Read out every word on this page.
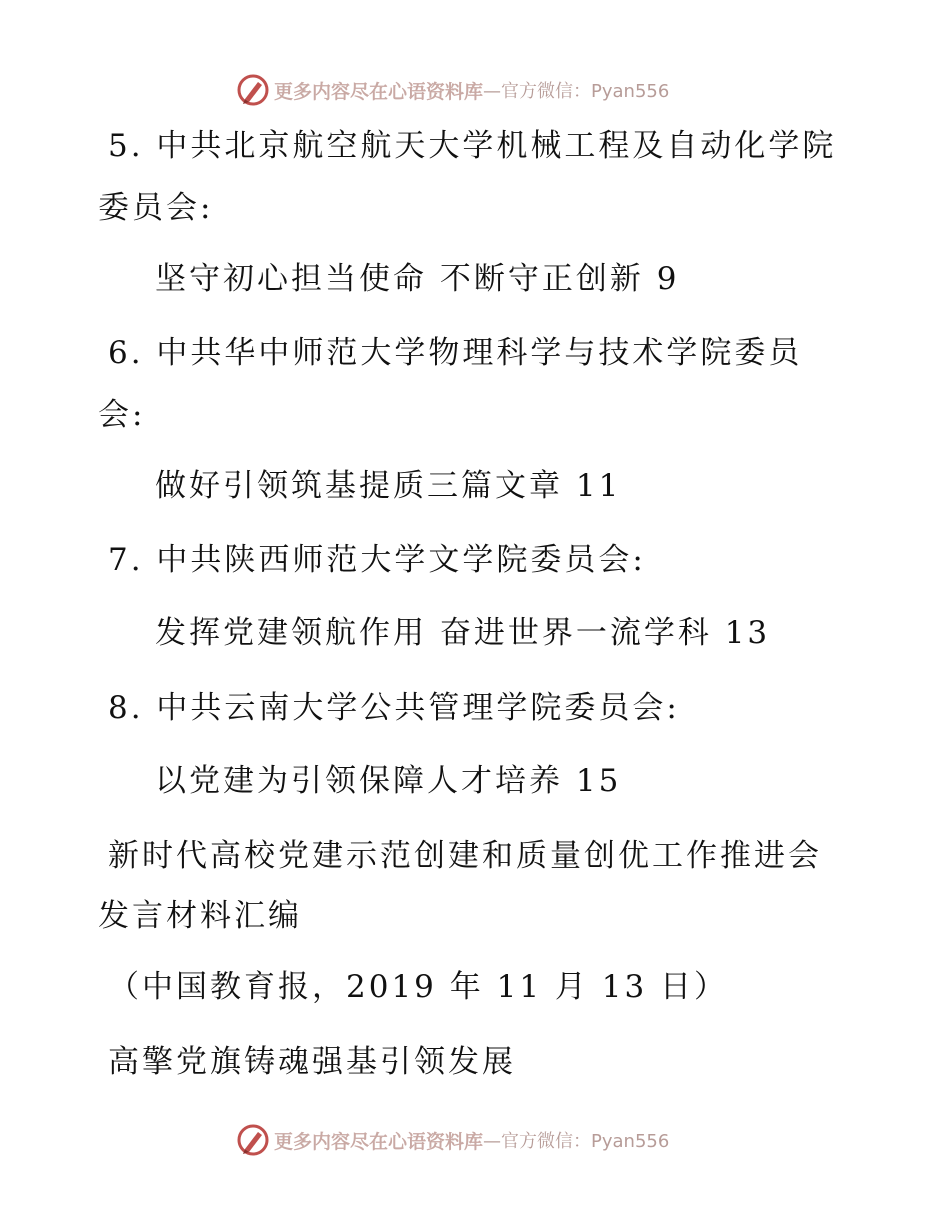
更多内容尽在心语资料库 —官方微信：Pyan556
5. 中共北京航空航天大学机械工程及自动化学院
委员会:
坚守初心担当使命 不断守正创新 9
6. 中共华中师范大学物理科学与技术学院委员
会:
做好引领筑基提质三篇文章 11
7. 中共陕西师范大学文学院委员会:
发挥党建领航作用 奋进世界一流学科 13
8. 中共云南大学公共管理学院委员会:
以党建为引领保障人才培养 15
新时代高校党建示范创建和质量创优工作推进会
发言材料汇编
（中国教育报，2019 年 11 月 13 日）
高擎党旗铸魂强基引领发展
更多内容尽在心语资料库 —官方微信：Pyan556
